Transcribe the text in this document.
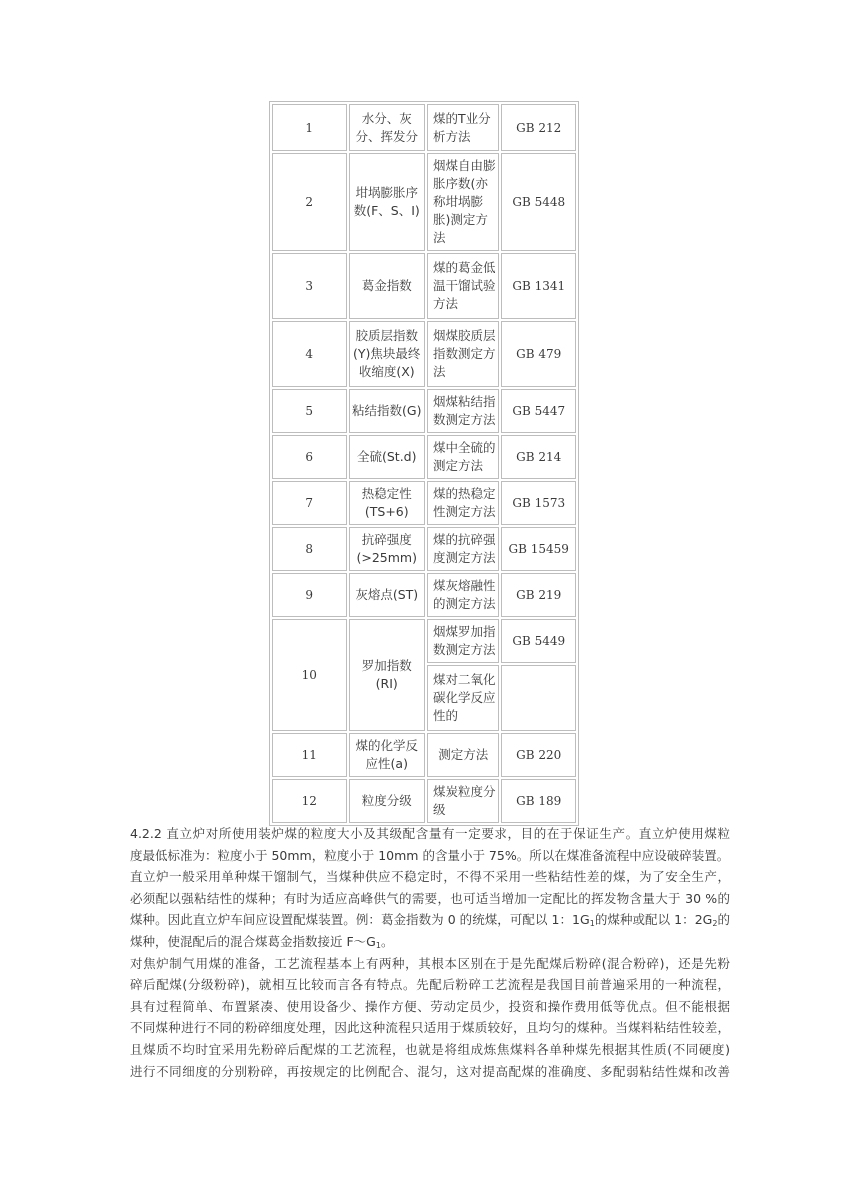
1	水分、灰分、挥发分	煤的T业分析方法	GB 212
2	坩埚膨胀序数(F、S、I)	烟煤自由膨胀序数(亦称坩埚膨胀)测定方法	GB 5448
3	葛金指数	煤的葛金低温干馏试验方法	GB 1341
4	胶质层指数(Y)焦块最终收缩度(X)	烟煤胶质层指数测定方法	GB 479
5	粘结指数(G)	烟煤粘结指数测定方法	GB 5447
6	全硫(St.d)	煤中全硫的测定方法	GB 214
7	热稳定性(TS+6)	煤的热稳定性测定方法	GB 1573
8	抗碎强度(>25mm)	煤的抗碎强度测定方法	GB 15459
9	灰熔点(ST)	煤灰熔融性的测定方法	GB 219
10	罗加指数(RI)	烟煤罗加指数测定方法	GB 5449
		煤对二氧化碳化学反应性的	
11	煤的化学反应性(a)	测定方法	GB 220
12	粒度分级	煤炭粒度分级	GB 189

4.2.2 直立炉对所使用装炉煤的粒度大小及其级配含量有一定要求，目的在于保证生产。直立炉使用煤粒

度最低标准为：粒度小于 50mm，粒度小于 10mm 的含量小于 75%。所以在煤准备流程中应设破碎装置。

直立炉一般采用单种煤干馏制气，当煤种供应不稳定时，不得不采用一些粘结性差的煤，为了安全生产，

必须配以强粘结性的煤种；有时为适应高峰供气的需要，也可适当增加一定配比的挥发物含量大于 30 %的

煤种。因此直立炉车间应设置配煤装置。例：葛金指数为 0 的统煤，可配以 1：$1G_1$的煤种或配以 1：$2G_2$的

煤种，使混配后的混合煤葛金指数接近 $F\sim G_1$。

对焦炉制气用煤的准备，工艺流程基本上有两种，其根本区别在于是先配煤后粉碎(混合粉碎)，还是先粉

碎后配煤(分级粉碎)，就相互比较而言各有特点。先配后粉碎工艺流程是我国目前普遍采用的一种流程，

具有过程简单、布置紧凑、使用设备少、操作方便、劳动定员少，投资和操作费用低等优点。但不能根据

不同煤种进行不同的粉碎细度处理，因此这种流程只适用于煤质较好，且均匀的煤种。当煤料粘结性较差，

且煤质不均时宜采用先粉碎后配煤的工艺流程，也就是将组成炼焦煤料各单种煤先根据其性质(不同硬度)

进行不同细度的分别粉碎，再按规定的比例配合、混匀，这对提高配煤的准确度、多配弱粘结性煤和改善
